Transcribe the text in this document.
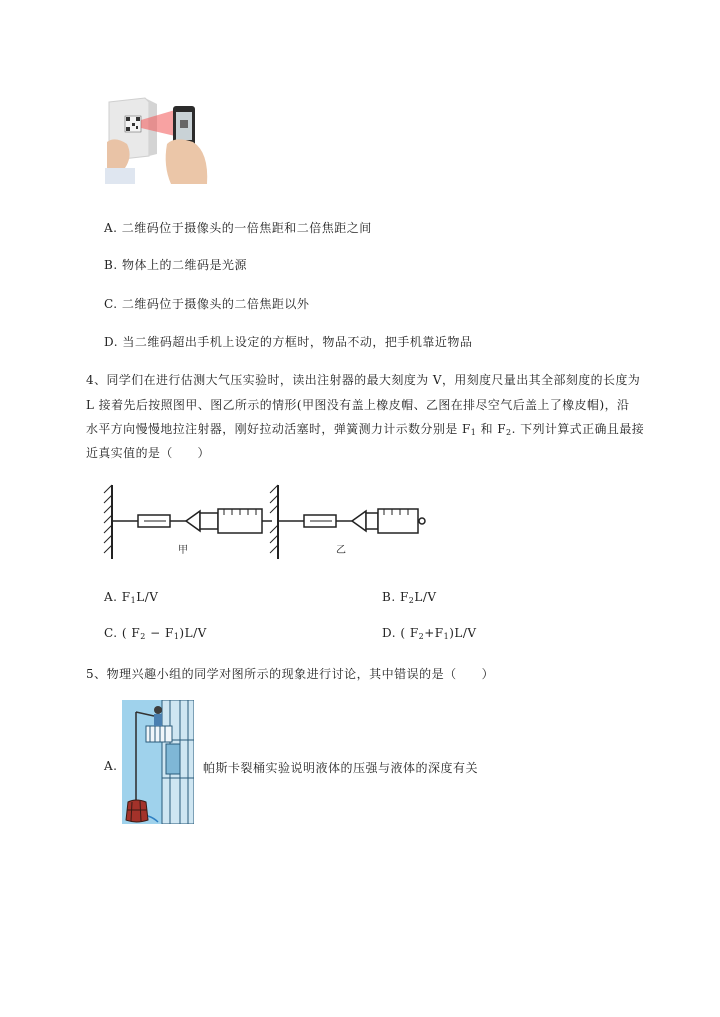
A. 二维码位于摄像头的一倍焦距和二倍焦距之间
B. 物体上的二维码是光源
C. 二维码位于摄像头的二倍焦距以外
D. 当二维码超出手机上设定的方框时，物品不动，把手机靠近物品
4、同学们在进行估测大气压实验时，读出注射器的最大刻度为 V，用刻度尺量出其全部刻度的长度为
L 接着先后按照图甲、图乙所示的情形(甲图没有盖上橡皮帽、乙图在排尽空气后盖上了橡皮帽)，沿
水平方向慢慢地拉注射器，刚好拉动活塞时，弹簧测力计示数分别是 $F_1$ 和 $F_2$. 下列计算式正确且最接
近真实值的是（　　）
甲	乙
A. $F_1L/V$	B. $F_2L/V$
C. ( $F_2 - F_1)L/V$	D. ( $F_2+F_1)L/V$
5、物理兴趣小组的同学对图所示的现象进行讨论，其中错误的是（　　）
A.	帕斯卡裂桶实验说明液体的压强与液体的深度有关
